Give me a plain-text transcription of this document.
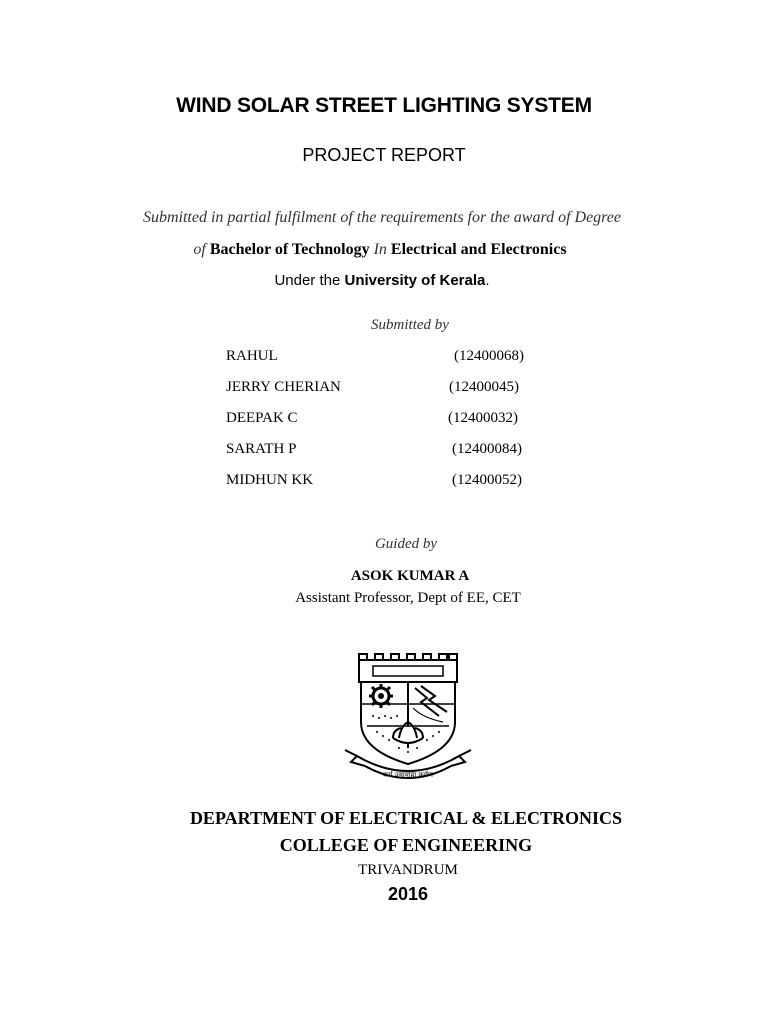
WIND SOLAR STREET LIGHTING SYSTEM
PROJECT REPORT
Submitted in partial fulfilment of the requirements for the award of Degree
of Bachelor of Technology In Electrical and Electronics
Under the University of Kerala.
Submitted by
RAHUL	(12400068)
JERRY CHERIAN	(12400045)
DEEPAK C	(12400032)
SARATH P	(12400084)
MIDHUN KK	(12400052)
Guided by
ASOK KUMAR A
Assistant Professor, Dept of EE, CET
कर्म ज्यायोह्य कर्मण
DEPARTMENT OF ELECTRICAL & ELECTRONICS
COLLEGE OF ENGINEERING
TRIVANDRUM
2016
